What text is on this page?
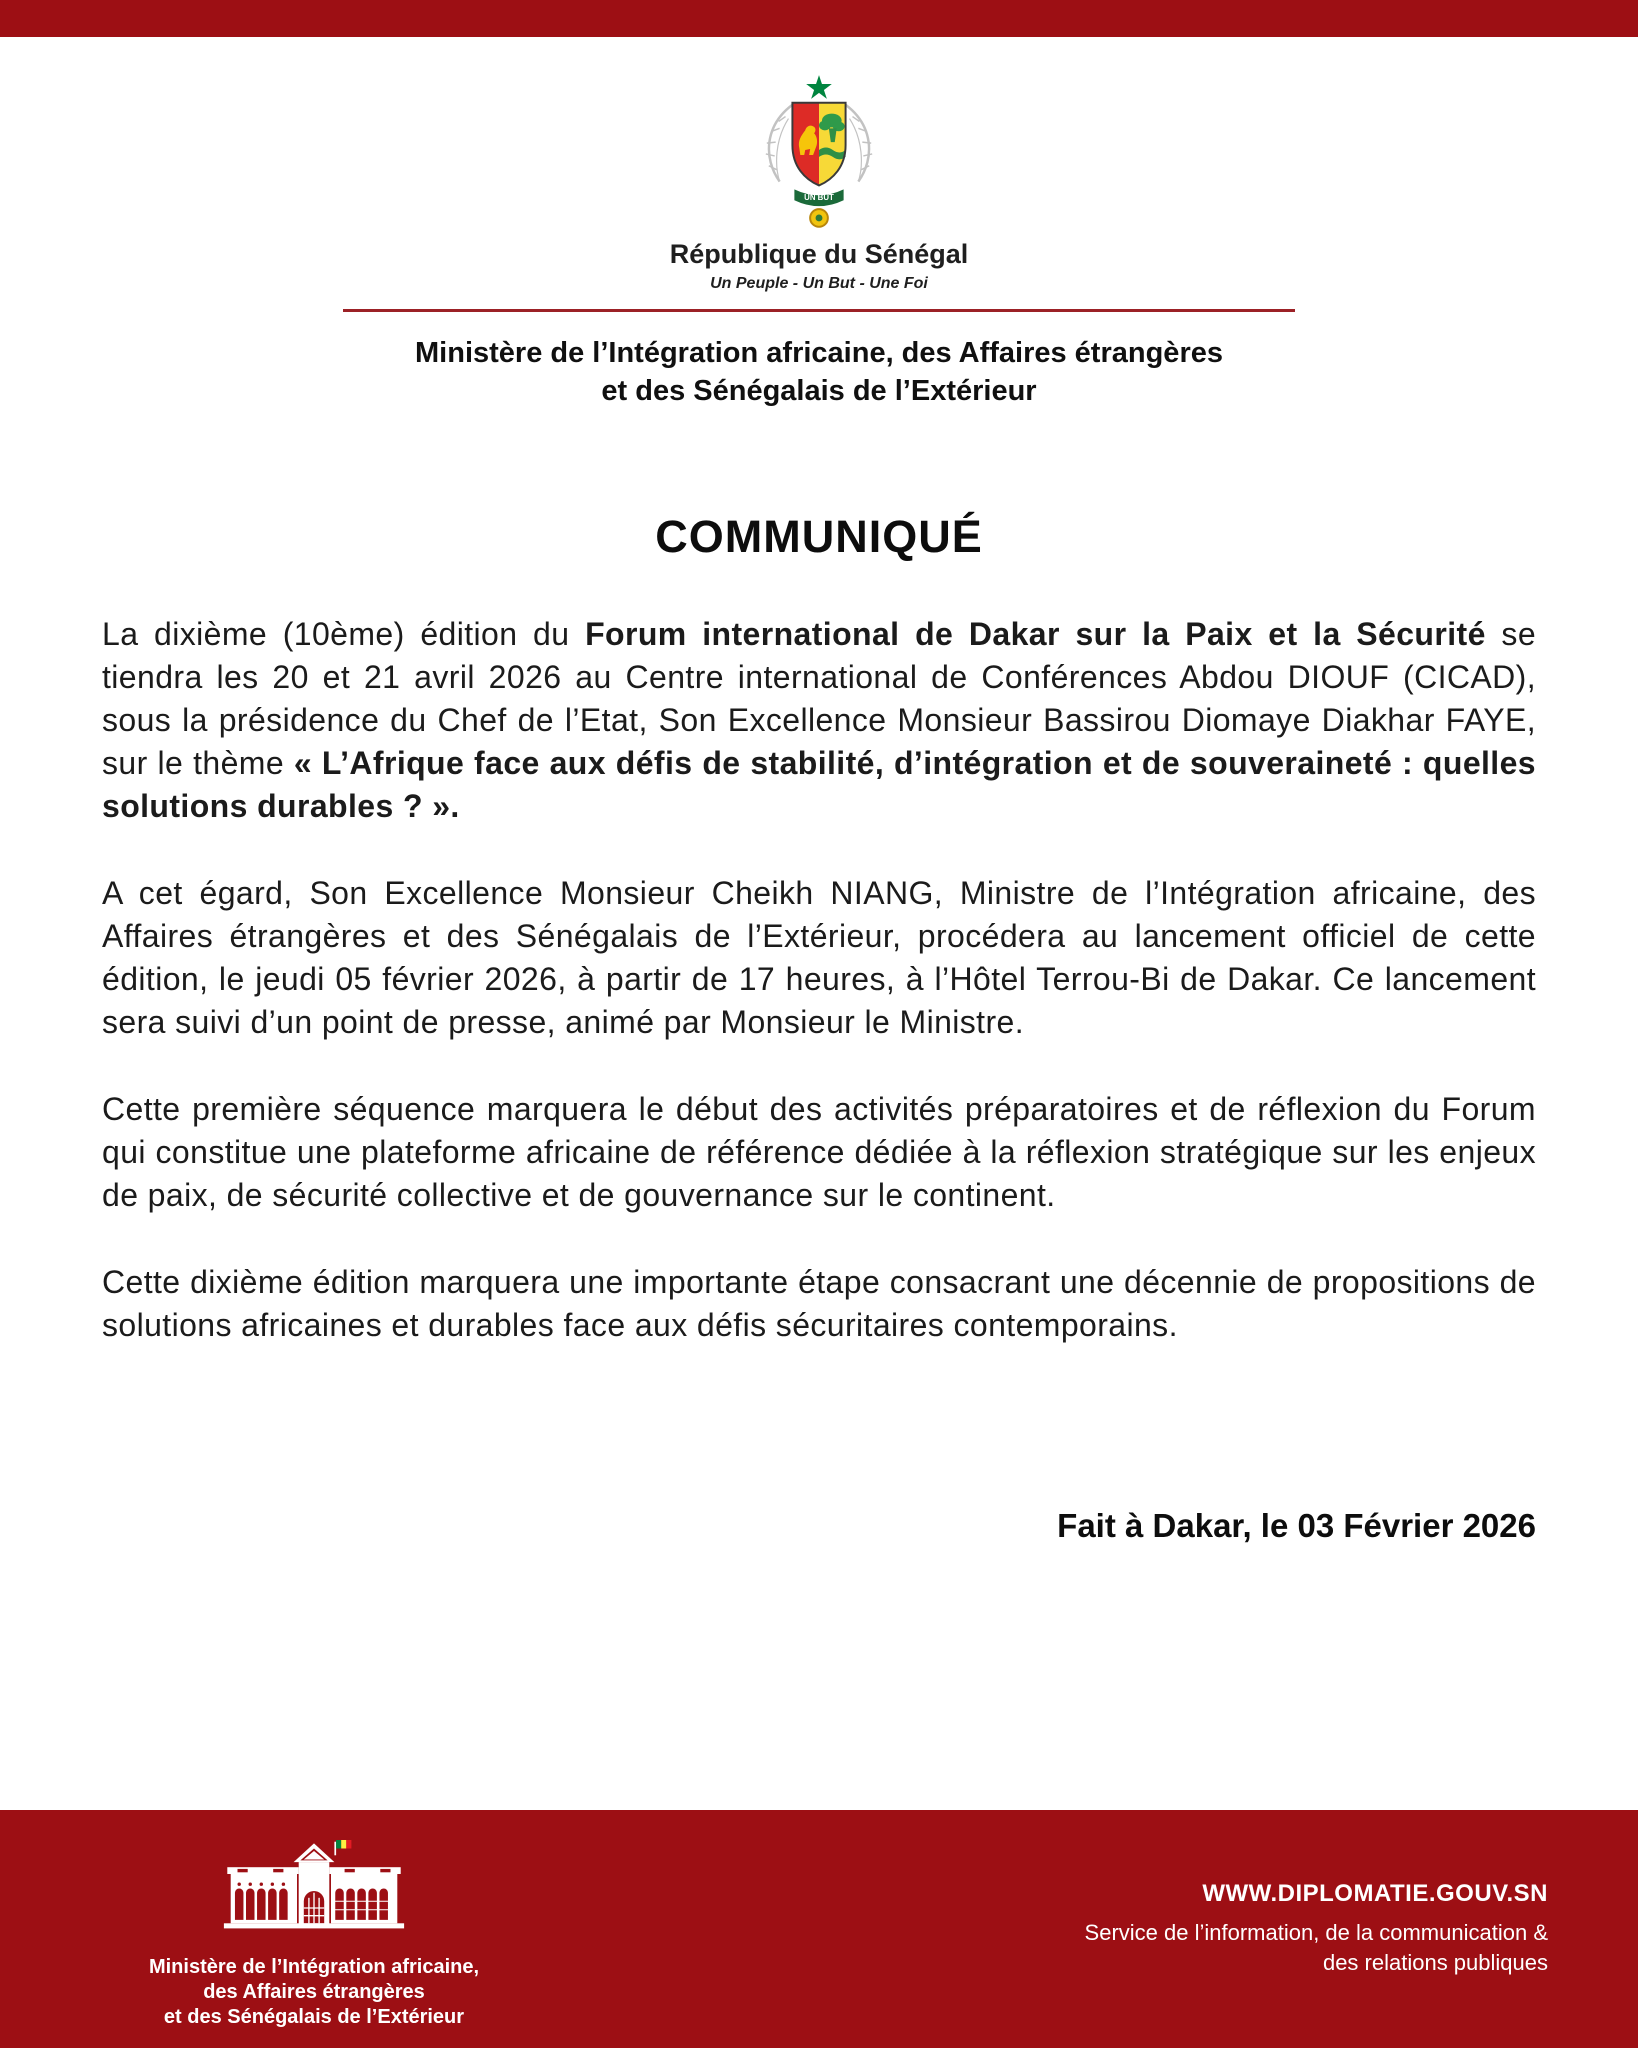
UN BUT
République du Sénégal
Un Peuple - Un But - Une Foi
Ministère de l’Intégration africaine, des Affaires étrangères
et des Sénégalais de l’Extérieur
COMMUNIQUÉ

La dixième (10ème) édition du Forum international de Dakar sur la Paix et la Sécurité se tiendra les 20 et 21 avril 2026 au Centre international de Conférences Abdou DIOUF (CICAD), sous la présidence du Chef de l’Etat, Son Excellence Monsieur Bassirou Diomaye Diakhar FAYE, sur le thème « L’Afrique face aux défis de stabilité, d’intégration et de souveraineté : quelles solutions durables ? ».

A cet égard, Son Excellence Monsieur Cheikh NIANG, Ministre de l’Intégration africaine, des Affaires étrangères et des Sénégalais de l’Extérieur, procédera au lancement officiel de cette édition, le jeudi 05 février 2026, à partir de 17 heures, à l’Hôtel Terrou-Bi de Dakar. Ce lancement sera suivi d’un point de presse, animé par Monsieur le Ministre.

Cette première séquence marquera le début des activités préparatoires et de réflexion du Forum qui constitue une plateforme africaine de référence dédiée à la réflexion stratégique sur les enjeux de paix, de sécurité collective et de gouvernance sur le continent.

Cette dixième édition marquera une importante étape consacrant une décennie de propositions de solutions africaines et durables face aux défis sécuritaires contemporains.

Fait à Dakar, le 03 Février 2026
Ministère de l’Intégration africaine,
des Affaires étrangères
et des Sénégalais de l’Extérieur
WWW.DIPLOMATIE.GOUV.SN
Service de l’information, de la communication &
des relations publiques
